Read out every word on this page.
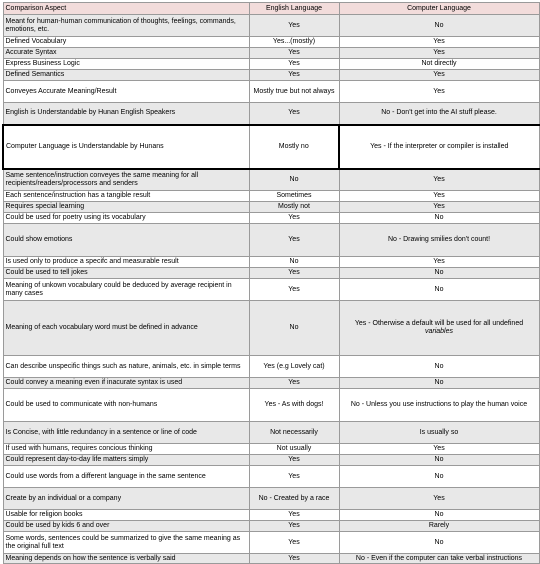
Comparison Aspect	English Language	Computer Language
Meant for human-human communication of thoughts, feelings, commands, emotions, etc.	Yes	No
Defined Vocabulary	Yes...(mostly)	Yes
Accurate Syntax	Yes	Yes
Express Business Logic	Yes	Not directly
Defined Semantics	Yes	Yes
Conveyes Accurate Meaning/Result	Mostly true but not always	Yes
English is Understandable by Hunan English Speakers	Yes	No - Don't get into the AI stuff please.
Computer Language is Understandable by Hunans	Mostly no	Yes - If the interpreter or compiler is installed
Same sentence/instruction conveyes the same meaning for all recipients/readers/processors and senders	No	Yes
Each sentence/instruction has a tangible result	Sometimes	Yes
Requires special learning	Mostly not	Yes
Could be used for poetry using its vocabulary	Yes	No
Could show emotions	Yes	No - Drawing smilies don't count!
Is used only to produce a specifc and measurable result	No	Yes
Could be used to tell jokes	Yes	No
Meaning of unkown vocabulary could be deduced by average recipient in many cases	Yes	No
Meaning of each vocabulary word must be defined in advance	No	Yes - Otherwise a default will be used for all undefined variables
Can describe unspecific things such as nature, animals, etc. in simple terms	Yes (e.g Lovely cat)	No
Could convey a meaning even if inacurate syntax is used	Yes	No
Could be used to communicate with non-humans	Yes - As with dogs!	No - Unless you use instructions to play the human voice
Is Concise, with little redundancy in a sentence or line of code	Not necessarily	Is usually so
If used with humans, requires concious thinking	Not usually	Yes
Could represent day-to-day life matters simply	Yes	No
Could use words from a different language in the same sentence	Yes	No
Create by an individual or a company	No - Created by a race	Yes
Usable for religion books	Yes	No
Could be used by kids 6 and over	Yes	Rarely
Some words, sentences could be summarized to give the same meaning as the original full text	Yes	No
Meaning depends on how the sentence is verbally said	Yes	No - Even if the computer can take verbal instructions
